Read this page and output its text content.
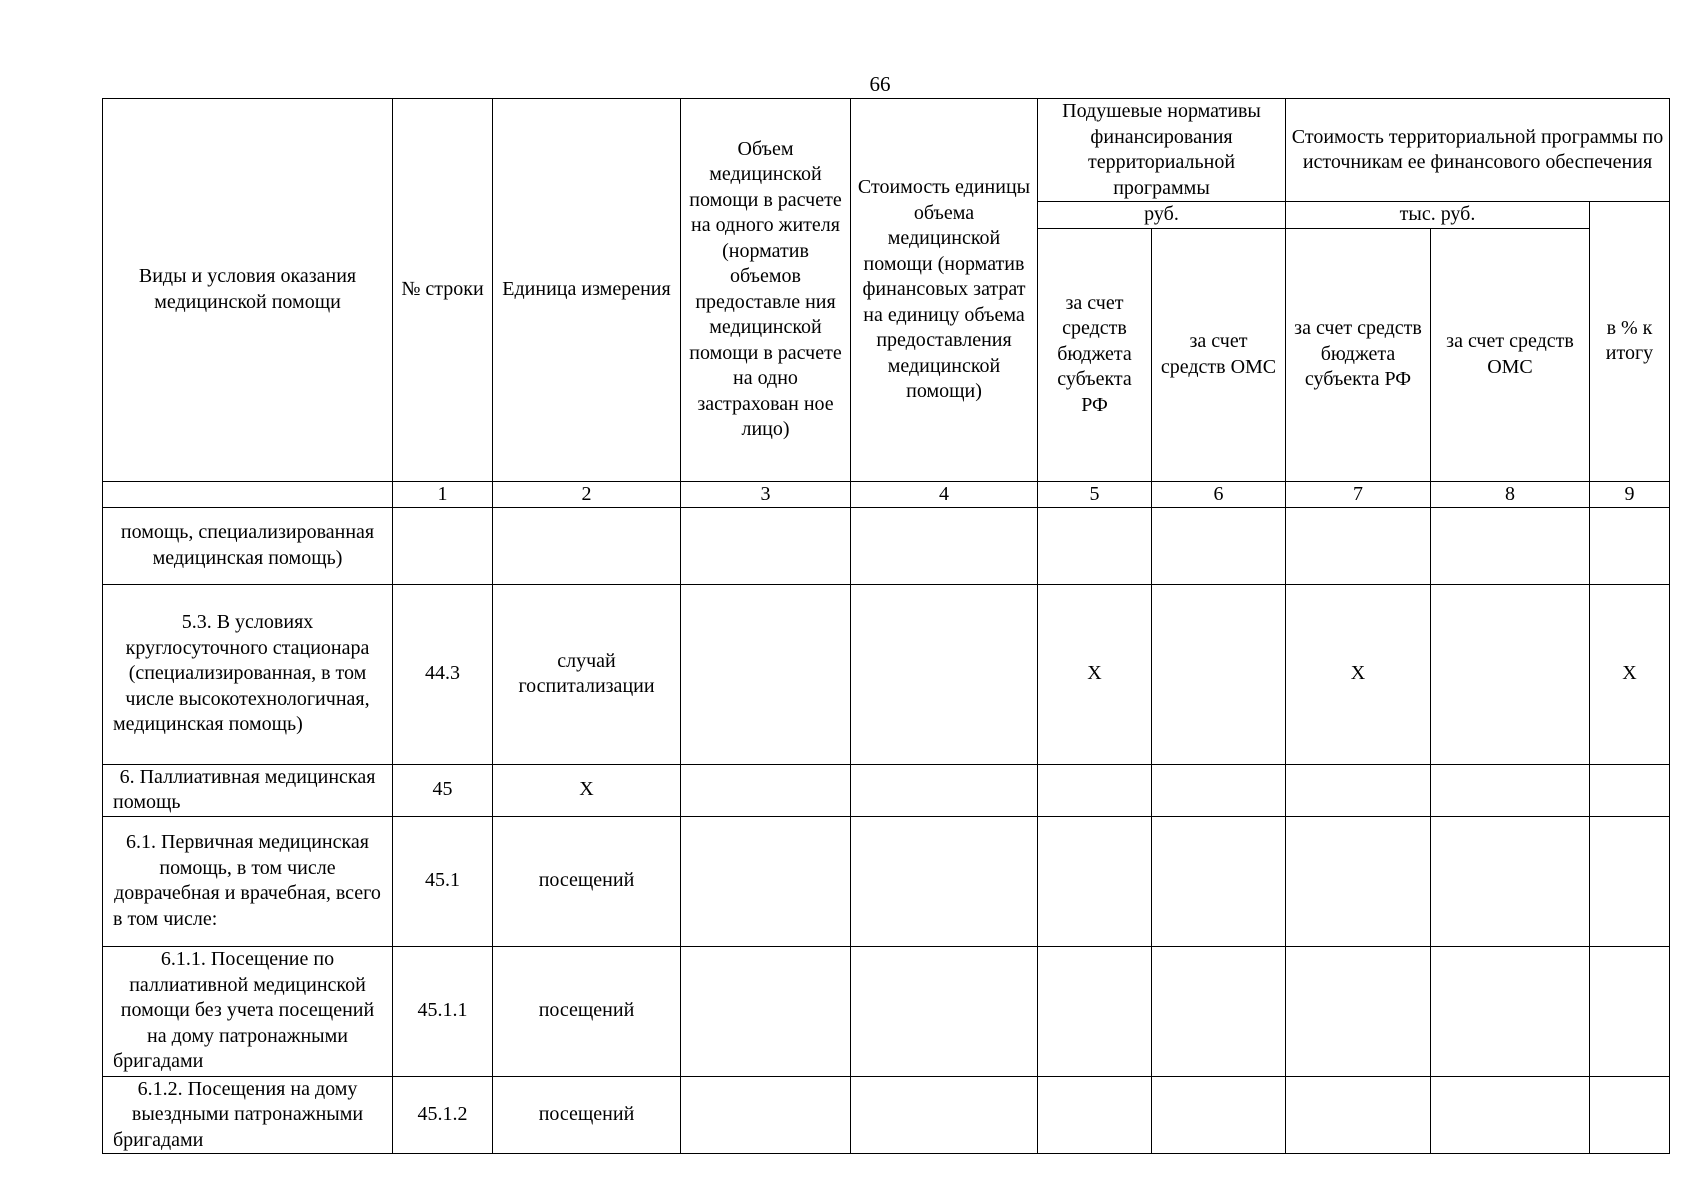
66
Виды и условия оказания медицинской помощи	№ строки	Единица измерения	Объем медицинской помощи в расчете на одного жителя (норматив объемов предоставле ния медицинской помощи в расчете на одно застрахован ное лицо)	Стоимость единицы объема медицинской помощи (норматив финансовых затрат на единицу объема предоставления медицинской помощи)	Подушевые нормативы финансирования территориальной программы		Стоимость территориальной программы по источникам ее финансового обеспечения		
					руб.		тыс. руб.		в % к итогу
					за счет средств бюджета субъекта РФ	за счет средств ОМС	за счет средств бюджета субъекта РФ	за счет средств ОМС	
	1	2	3	4	5	6	7	8	9
помощь, специализированная медицинская помощь)									
5.3. В условиях круглосуточного стационара (специализированная, в том числе высокотехнологичная, медицинская помощь)	44.3	случай госпитализации			Х		Х		Х
6. Паллиативная медицинская помощь	45	Х							
6.1. Первичная медицинская помощь, в том числе доврачебная и врачебная, всего в том числе:	45.1	посещений							
6.1.1. Посещение по паллиативной медицинской помощи без учета посещений на дому патронажными бригадами	45.1.1	посещений							
6.1.2. Посещения на дому выездными патронажными бригадами	45.1.2	посещений							
